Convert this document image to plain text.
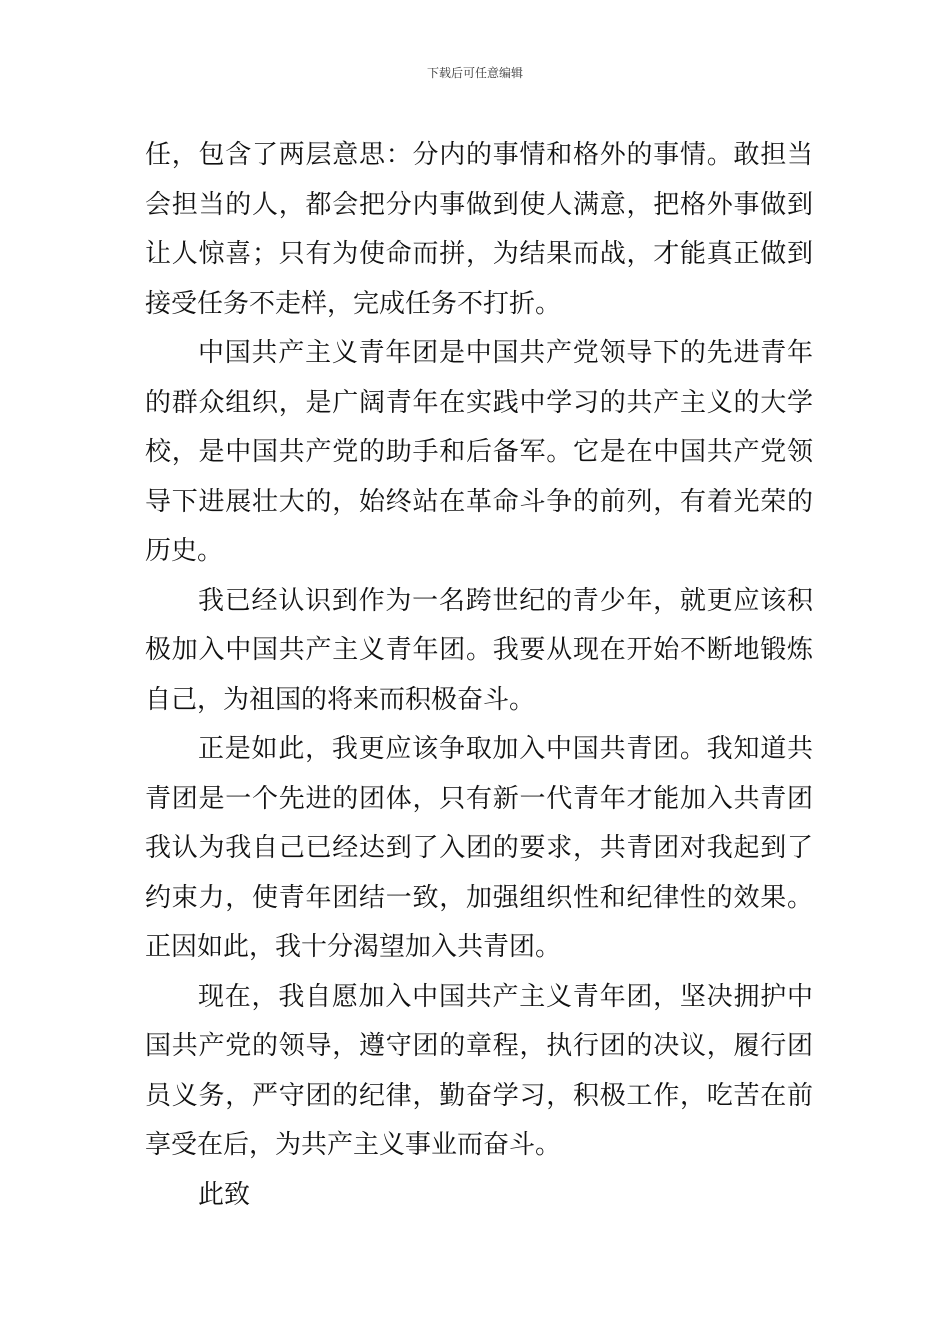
下载后可任意编辑
任，包含了两层意思：分内的事情和格外的事情。敢担当
会担当的人，都会把分内事做到使人满意，把格外事做到
让人惊喜；只有为使命而拼，为结果而战，才能真正做到
接受任务不走样，完成任务不打折。
中国共产主义青年团是中国共产党领导下的先进青年
的群众组织，是广阔青年在实践中学习的共产主义的大学
校，是中国共产党的助手和后备军。它是在中国共产党领
导下进展壮大的，始终站在革命斗争的前列，有着光荣的
历史。
我已经认识到作为一名跨世纪的青少年，就更应该积
极加入中国共产主义青年团。我要从现在开始不断地锻炼
自己，为祖国的将来而积极奋斗。
正是如此，我更应该争取加入中国共青团。我知道共
青团是一个先进的团体，只有新一代青年才能加入共青团
我认为我自己已经达到了入团的要求，共青团对我起到了
约束力，使青年团结一致，加强组织性和纪律性的效果。
正因如此，我十分渴望加入共青团。
现在，我自愿加入中国共产主义青年团，坚决拥护中
国共产党的领导，遵守团的章程，执行团的决议，履行团
员义务，严守团的纪律，勤奋学习，积极工作，吃苦在前
享受在后，为共产主义事业而奋斗。
此致
